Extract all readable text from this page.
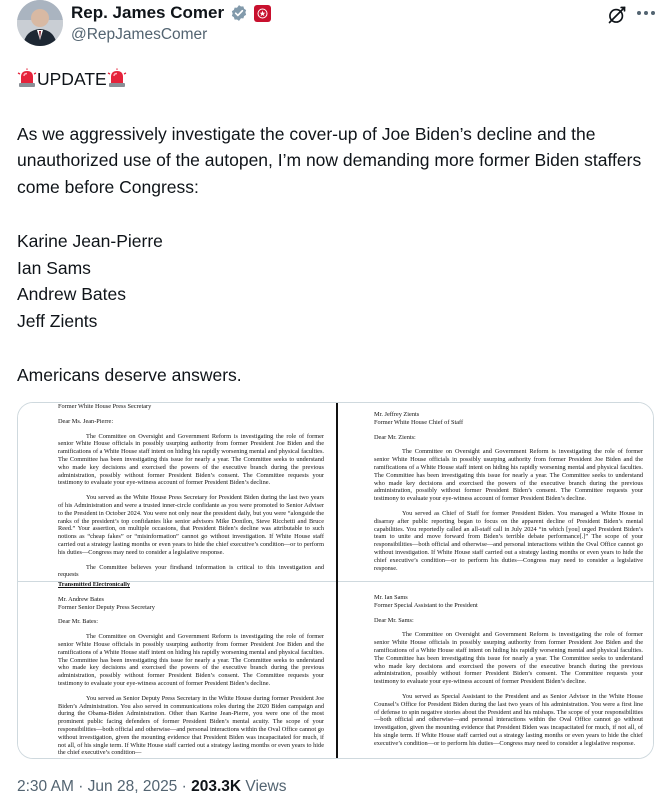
Rep. James Comer
@RepJamesComer

UPDATE

As we aggressively investigate the cover-up of Joe Biden’s decline and the unauthorized use of the autopen, I’m now demanding more former Biden staffers come before Congress:

Karine Jean-Pierre

Ian Sams

Andrew Bates

Jeff Zients

Americans deserve answers.

Former White House Press Secretary

Dear Ms. Jean-Pierre:

The Committee on Oversight and Government Reform is investigating the role of former senior White House officials in possibly usurping authority from former President Joe Biden and the ramifications of a White House staff intent on hiding his rapidly worsening mental and physical faculties. The Committee has been investigating this issue for nearly a year. The Committee seeks to understand who made key decisions and exercised the powers of the executive branch during the previous administration, possibly without former President Biden’s consent. The Committee requests your testimony to evaluate your eye-witness account of former President Biden’s decline.

You served as the White House Press Secretary for President Biden during the last two years of his Administration and were a trusted inner-circle confidante as you were promoted to Senior Adviser to the President in October 2024. You were not only near the president daily, but you were “alongside the ranks of the president’s top confidantes like senior advisors Mike Donilon, Steve Ricchetti and Bruce Reed.” Your assertion, on multiple occasions, that President Biden’s decline was attributable to such notions as “cheap fakes” or “misinformation” cannot go without investigation. If White House staff carried out a strategy lasting months or even years to hide the chief executive’s condition—or to perform his duties—Congress may need to consider a legislative response.

The Committee believes your firsthand information is critical to this investigation and requests

Mr. Jeffrey Zients

Former White House Chief of Staff

Dear Mr. Zients:

The Committee on Oversight and Government Reform is investigating the role of former senior White House officials in possibly usurping authority from former President Joe Biden and the ramifications of a White House staff intent on hiding his rapidly worsening mental and physical faculties. The Committee has been investigating this issue for nearly a year. The Committee seeks to understand who made key decisions and exercised the powers of the executive branch during the previous administration, possibly without former President Biden’s consent. The Committee requests your testimony to evaluate your eye-witness account of former President Biden’s decline.

You served as Chief of Staff for former President Biden. You managed a White House in disarray after public reporting began to focus on the apparent decline of President Biden’s mental capabilities. You reportedly called an all-staff call in July 2024 “in which [you] urged President Biden’s team to unite and move forward from Biden’s terrible debate performance[.]” The scope of your responsibilities—both official and otherwise—and personal interactions within the Oval Office cannot go without investigation. If White House staff carried out a strategy lasting months or even years to hide the chief executive’s condition—or to perform his duties—Congress may need to consider a legislative response.

Transmitted Electronically

Mr. Andrew Bates

Former Senior Deputy Press Secretary

Dear Mr. Bates:

The Committee on Oversight and Government Reform is investigating the role of former senior White House officials in possibly usurping authority from former President Joe Biden and the ramifications of a White House staff intent on hiding his rapidly worsening mental and physical faculties. The Committee has been investigating this issue for nearly a year. The Committee seeks to understand who made key decisions and exercised the powers of the executive branch during the previous administration, possibly without former President Biden’s consent. The Committee requests your testimony to evaluate your eye-witness account of former President Biden’s decline.

You served as Senior Deputy Press Secretary in the White House during former President Joe Biden’s Administration. You also served in communications roles during the 2020 Biden campaign and during the Obama-Biden Administration. Other than Karine Jean-Pierre, you were one of the most prominent public facing defenders of former President Biden’s mental acuity. The scope of your responsibilities—both official and otherwise—and personal interactions within the Oval Office cannot go without investigation, given the mounting evidence that President Biden was incapacitated for much, if not all, of his single term. If White House staff carried out a strategy lasting months or even years to hide the chief executive’s condition—

Mr. Ian Sams

Former Special Assistant to the President

Dear Mr. Sams:

The Committee on Oversight and Government Reform is investigating the role of former senior White House officials in possibly usurping authority from former President Joe Biden and the ramifications of a White House staff intent on hiding his rapidly worsening mental and physical faculties. The Committee has been investigating this issue for nearly a year. The Committee seeks to understand who made key decisions and exercised the powers of the executive branch during the previous administration, possibly without former President Biden’s consent. The Committee requests your testimony to evaluate your eye-witness account of former President Biden’s decline.

You served as Special Assistant to the President and as Senior Advisor in the White House Counsel’s Office for President Biden during the last two years of his administration. You were a first line of defense to spin negative stories about the President and his mishaps. The scope of your responsibilities—both official and otherwise—and personal interactions within the Oval Office cannot go without investigation, given the mounting evidence that President Biden was incapacitated for much, if not all, of his single term. If White House staff carried out a strategy lasting months or even years to hide the chief executive’s condition—or to perform his duties—Congress may need to consider a legislative response.

2:30 AM · Jun 28, 2025 · 203.3K Views
